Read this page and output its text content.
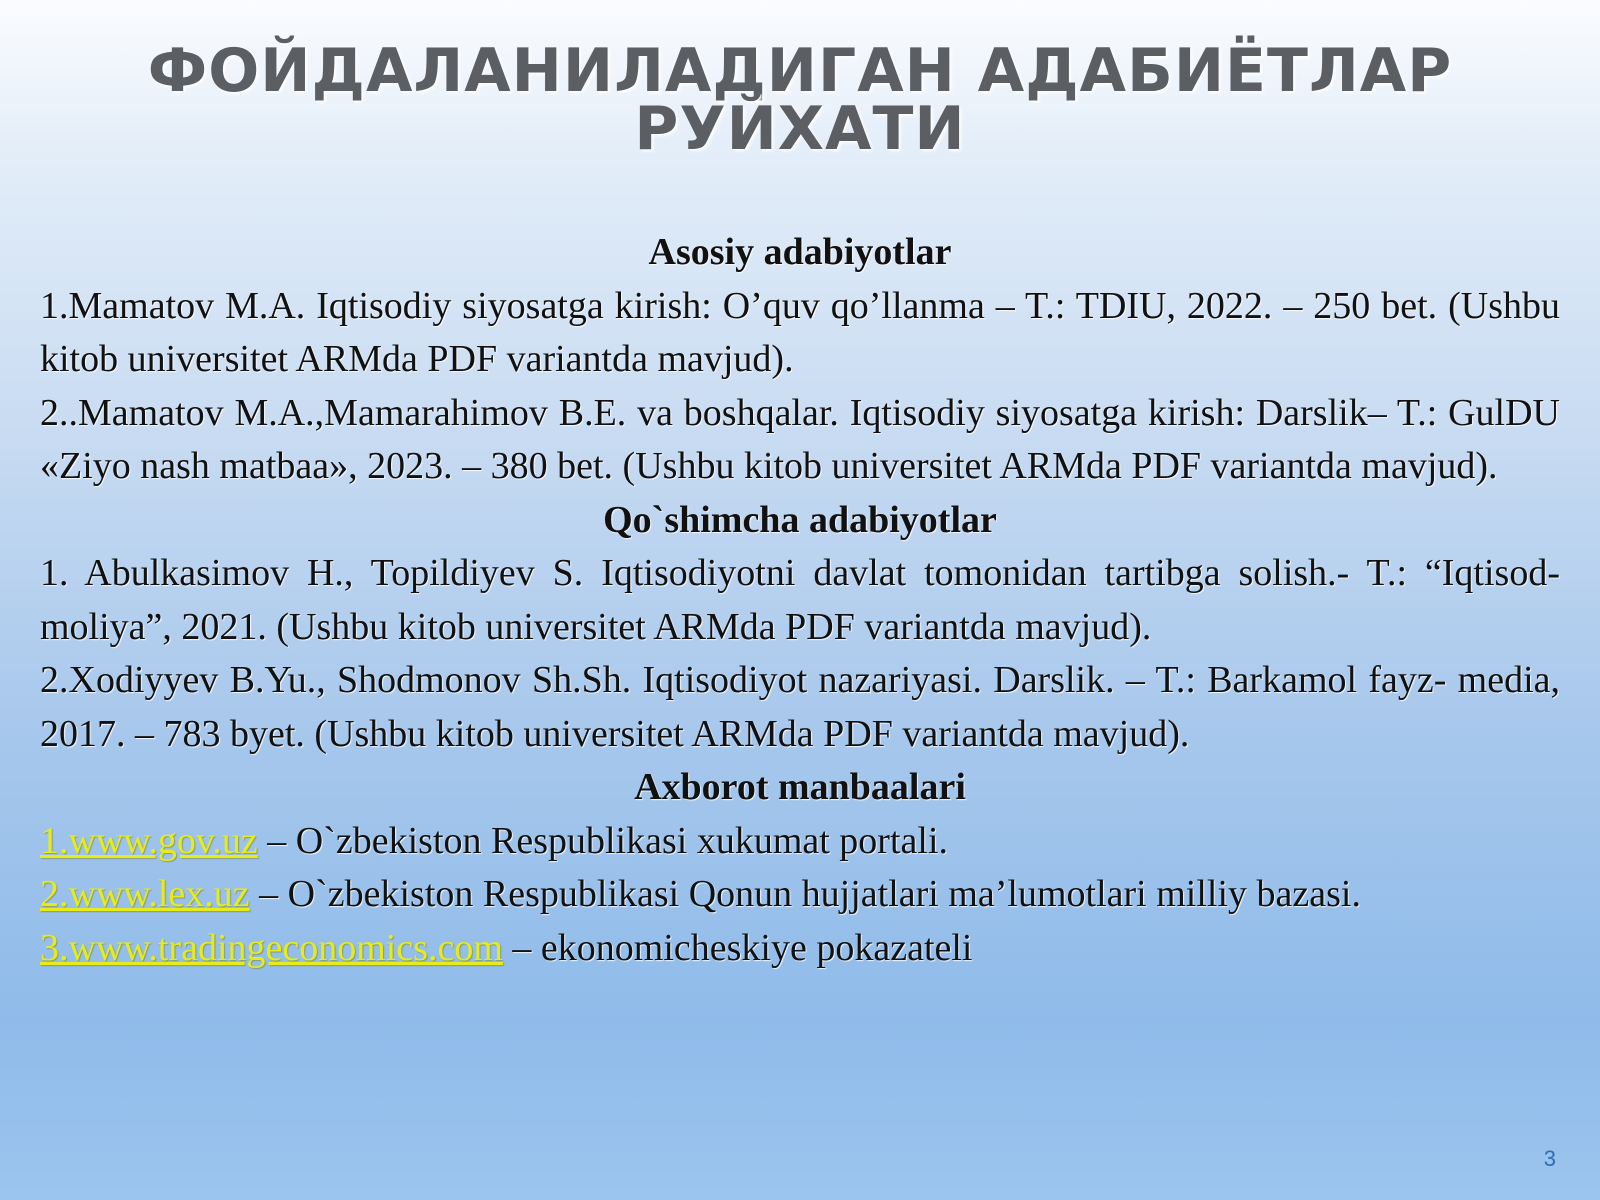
ФОЙДАЛАНИЛАДИГАН АДАБИЁТЛАР
РУЙХАТИ

Asosiy adabiyotlar

1.Mamatov M.A. Iqtisodiy siyosatga kirish: O’quv qo’llanma – T.: TDIU, 2022. – 250 bet. (Ushbu kitob universitet ARMda PDF variantda mavjud).

2..Mamatov M.A.,Mamarahimov B.E. va boshqalar. Iqtisodiy siyosatga kirish: Darslik– T.: GulDU «Ziyo nash matbaa», 2023. – 380 bet. (Ushbu kitob universitet ARMda PDF variantda mavjud).

Qo`shimcha adabiyotlar

1. Abulkasimov H., Topildiyev S. Iqtisodiyotni davlat tomonidan tartibga solish.- T.: “Iqtisod-moliya”, 2021. (Ushbu kitob universitet ARMda PDF variantda mavjud).

2.Xodiyyev B.Yu., Shodmonov Sh.Sh. Iqtisodiyot nazariyasi. Darslik. – T.: Barkamol fayz- media, 2017. – 783 byet. (Ushbu kitob universitet ARMda PDF variantda mavjud).

Axborot manbaalari

1.www.gov.uz – O`zbekiston Respublikasi xukumat portali.

2.www.lex.uz – O`zbekiston Respublikasi Qonun hujjatlari ma’lumotlari milliy bazasi.

3.www.tradingeconomics.com – ekonomicheskiye pokazateli

3
